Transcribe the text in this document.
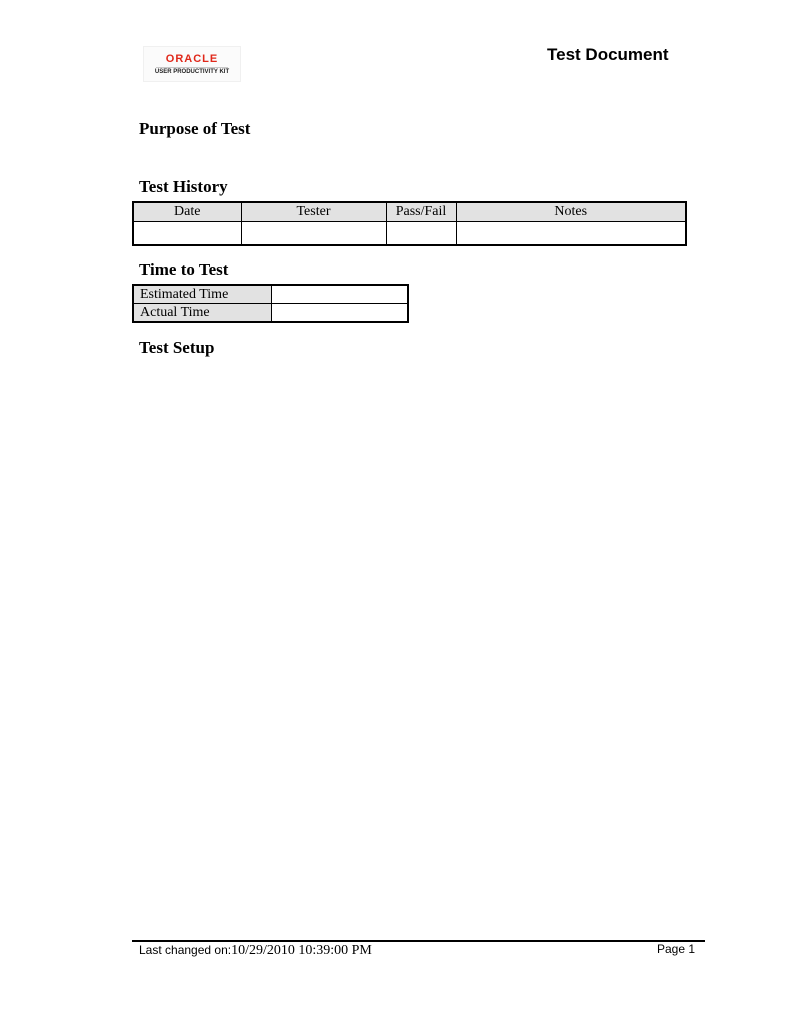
ORACLE
USER PRODUCTIVITY KIT
Test Document
Purpose of Test
Test History
Date	Tester	Pass/Fail	Notes

Time to Test
Estimated Time	
Actual Time	
Test Setup
Last changed on:10/29/2010 10:39:00 PM	Page 1
